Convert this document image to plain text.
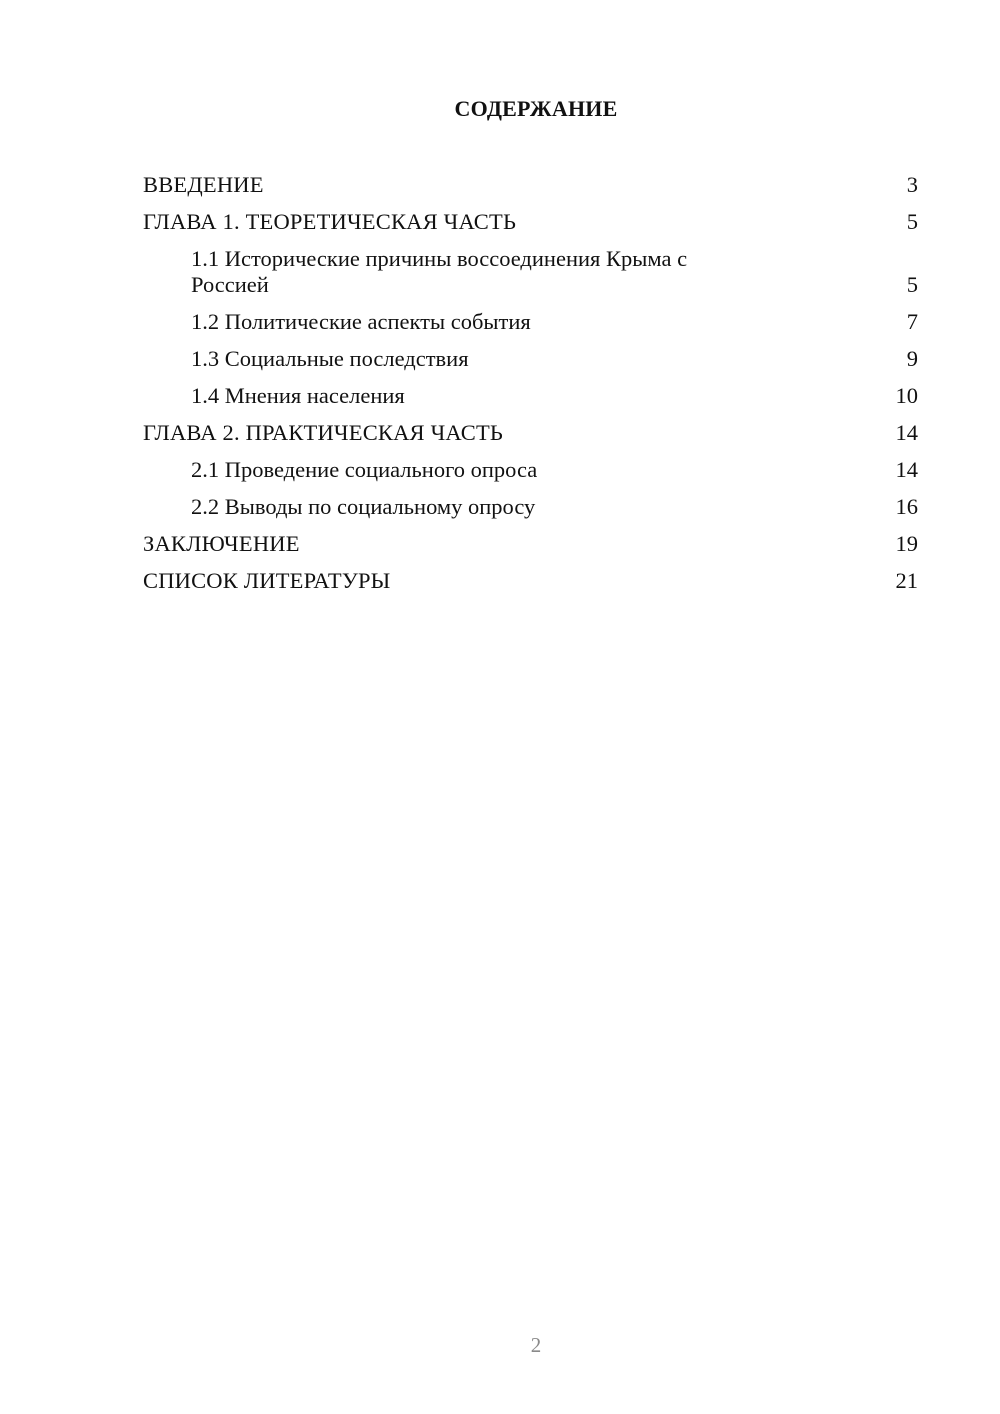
СОДЕРЖАНИЕ
ВВЕДЕНИЕ	3
ГЛАВА 1. ТЕОРЕТИЧЕСКАЯ ЧАСТЬ	5
1.1 Исторические причины воссоединения Крыма с Россией	5
1.2 Политические аспекты события	7
1.3 Социальные последствия	9
1.4 Мнения населения	10
ГЛАВА 2. ПРАКТИЧЕСКАЯ ЧАСТЬ	14
2.1 Проведение социального опроса	14
2.2 Выводы по социальному опросу	16
ЗАКЛЮЧЕНИЕ	19
СПИСОК ЛИТЕРАТУРЫ	21
2
